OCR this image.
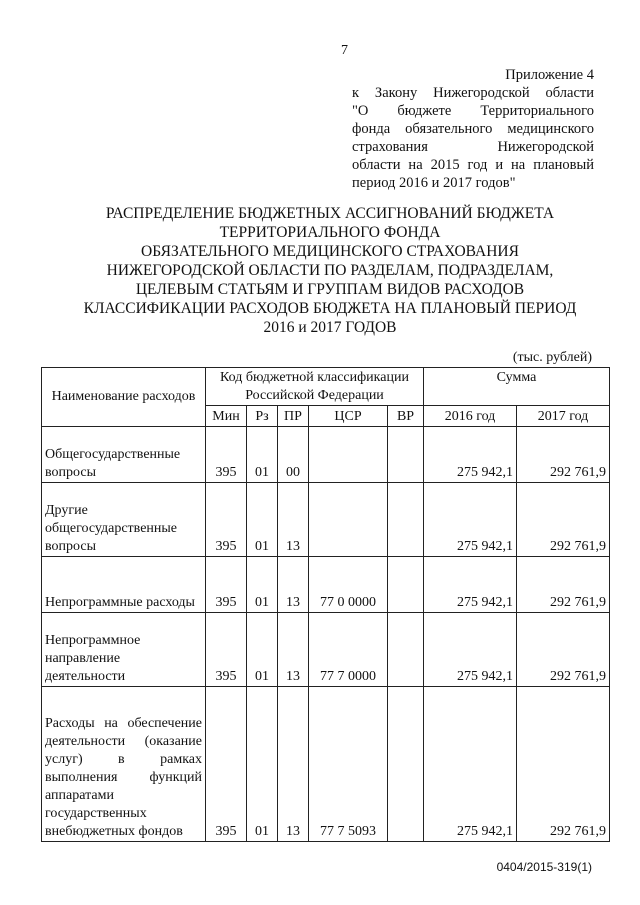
7
Приложение 4
к Закону Нижегородской области
"О бюджете Территориального
фонда обязательного медицинского
страхования Нижегородской
области на 2015 год и на плановый
период 2016 и 2017 годов"
РАСПРЕДЕЛЕНИЕ БЮДЖЕТНЫХ АССИГНОВАНИЙ БЮДЖЕТА
ТЕРРИТОРИАЛЬНОГО ФОНДА
ОБЯЗАТЕЛЬНОГО МЕДИЦИНСКОГО СТРАХОВАНИЯ
НИЖЕГОРОДСКОЙ ОБЛАСТИ ПО РАЗДЕЛАМ, ПОДРАЗДЕЛАМ,
ЦЕЛЕВЫМ СТАТЬЯМ И ГРУППАМ ВИДОВ РАСХОДОВ
КЛАССИФИКАЦИИ РАСХОДОВ БЮДЖЕТА НА ПЛАНОВЫЙ ПЕРИОД
2016 и 2017 ГОДОВ
(тыс. рублей)
Наименование расходов	Код бюджетной классификации Российской Федерации					Сумма	
	Мин	Рз	ПР	ЦСР	ВР	2016 год	2017 год
Общегосударственные вопросы	395	01	00			275 942,1	292 761,9
Другие общегосударственные вопросы	395	01	13			275 942,1	292 761,9
Непрограммные расходы	395	01	13	77 0 0000		275 942,1	292 761,9
Непрограммное направление деятельности	395	01	13	77 7 0000		275 942,1	292 761,9
Расходы на обеспечение деятельности (оказание услуг) в рамках выполнения функций аппаратами государственных внебюджетных фондов	395	01	13	77 7 5093		275 942,1	292 761,9
0404/2015-319(1)
